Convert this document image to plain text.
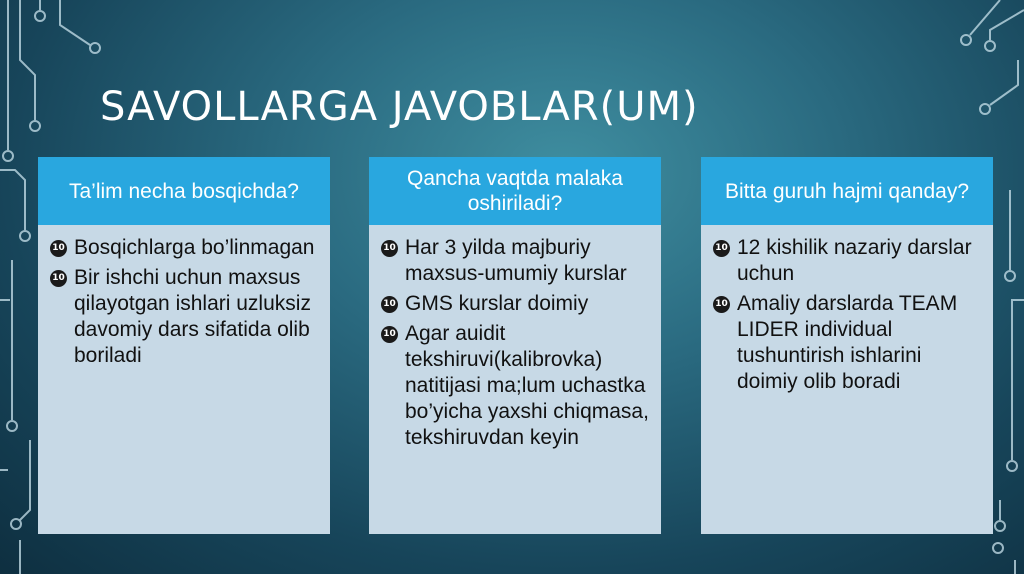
SAVOLLARGA JAVOBLAR(UM)
Ta’lim necha bosqichda?
10 Bosqichlarga bo’linmagan
10 Bir ishchi uchun maxsus qilayotgan ishlari uzluksiz davomiy dars sifatida olib boriladi
Qancha vaqtda malaka oshiriladi?
10 Har 3 yilda majburiy maxsus-umumiy kurslar
10 GMS kurslar doimiy
10 Agar auidit tekshiruvi(kalibrovka) natitijasi ma;lum uchastka bo’yicha yaxshi chiqmasa, tekshiruvdan keyin
Bitta guruh hajmi qanday?
10 12 kishilik nazariy darslar uchun
10 Amaliy darslarda TEAM LIDER individual tushuntirish ishlarini doimiy olib boradi
